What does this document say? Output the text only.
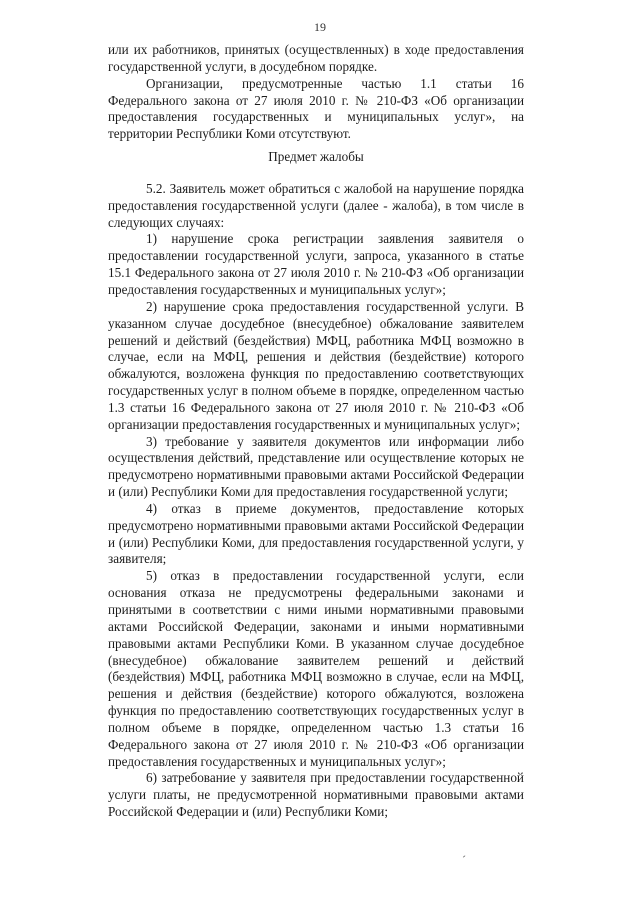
19

или их работников, принятых (осуществленных) в ходе предоставления государственной услуги, в досудебном порядке.

Организации, предусмотренные частью 1.1 статьи 16 Федерального закона от 27 июля 2010 г. № 210-ФЗ «Об организации предоставления государственных и муниципальных услуг», на территории Республики Коми отсутствуют.

Предмет жалобы

5.2. Заявитель может обратиться с жалобой на нарушение порядка предоставления государственной услуги (далее - жалоба), в том числе в следующих случаях:

1) нарушение срока регистрации заявления заявителя о предоставлении государственной услуги, запроса, указанного в статье 15.1 Федерального закона от 27 июля 2010 г. № 210-ФЗ «Об организации предоставления государственных и муниципальных услуг»;

2) нарушение срока предоставления государственной услуги. В указанном случае досудебное (внесудебное) обжалование заявителем решений и действий (бездействия) МФЦ, работника МФЦ возможно в случае, если на МФЦ, решения и действия (бездействие) которого обжалуются, возложена функция по предоставлению соответствующих государственных услуг в полном объеме в порядке, определенном частью 1.3 статьи 16 Федерального закона от 27 июля 2010 г. № 210-ФЗ «Об организации предоставления государственных и муниципальных услуг»;

3) требование у заявителя документов или информации либо осуществления действий, представление или осуществление которых не предусмотрено нормативными правовыми актами Российской Федерации и (или) Республики Коми для предоставления государственной услуги;

4) отказ в приеме документов, предоставление которых предусмотрено нормативными правовыми актами Российской Федерации и (или) Республики Коми, для предоставления государственной услуги, у заявителя;

5) отказ в предоставлении государственной услуги, если основания отказа не предусмотрены федеральными законами и принятыми в соответствии с ними иными нормативными правовыми актами Российской Федерации, законами и иными нормативными правовыми актами Республики Коми. В указанном случае досудебное (внесудебное) обжалование заявителем решений и действий (бездействия) МФЦ, работника МФЦ возможно в случае, если на МФЦ, решения и действия (бездействие) которого обжалуются, возложена функция по предоставлению соответствующих государственных услуг в полном объеме в порядке, определенном частью 1.3 статьи 16 Федерального закона от 27 июля 2010 г. № 210-ФЗ «Об организации предоставления государственных и муниципальных услуг»;

6) затребование у заявителя при предоставлении государственной услуги платы, не предусмотренной нормативными правовыми актами Российской Федерации и (или) Республики Коми;

ˊ
